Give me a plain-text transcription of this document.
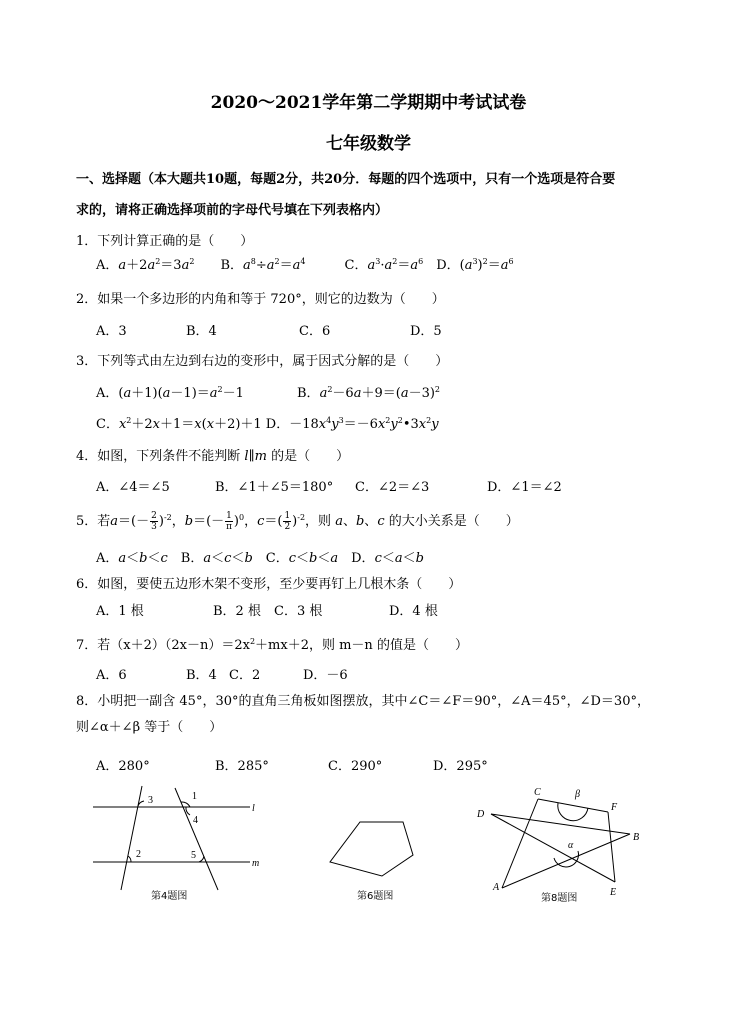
2020～2021学年第二学期期中考试试卷
七年级数学
一、选择题（本大题共10题，每题2分，共20分．每题的四个选项中，只有一个选项是符合要
求的，请将正确选择项前的字母代号填在下列表格内）
1．下列计算正确的是（　　）
A．$a+2a^2=3a^2$　　B．$a^8\div a^2=a^4$　　　C．$a^3\cdot a^2=a^6$　D．$(a^3)^2=a^6$
2．如果一个多边形的内角和等于 720°，则它的边数为（　　）
A．3	B．4	C．6	D．5
3．下列等式由左边到右边的变形中，属于因式分解的是（　　）
A．$(a+1)(a-1)=a^2-1$	B．$a^2-6a+9=(a-3)^2$
C．$x^2+2x+1=x(x+2)+1$ D．$-18x^4y^3=-6x^2y^2•3x^2y$
4．如图，下列条件不能判断 l∥m 的是（　　）
A．∠4＝∠5	B．∠1＋∠5＝180° C．∠2＝∠3	D．∠1＝∠2
5．若$a=(- \frac{2}{3} )^{-2}$，$b=(- \frac{1}{\pi} )^0$，$c=( \frac{1}{2} )^{-2}$，则 a、b、c 的大小关系是（　　）
A．a＜b＜c　B．a＜c＜b　C．c＜b＜a　D．c＜a＜b
6．如图，要使五边形木架不变形，至少要再钉上几根木条（　　）
A．1 根	B．2 根 C．3 根	D．4 根
7．若$(x+2)(2x-n)=2x^2+mx+2$，则 m－n 的值是（　　）
A．6	B．4 C．2	D．－6
8．小明把一副含 45°，30°的直角三角板如图摆放，其中∠C＝∠F＝90°，∠A＝45°，∠D＝30°，
则∠α＋∠β 等于（　　）
A．280°	B．285°	C．290°	D．295°
3	1
4
2	5
l
m
第4题图	第6题图
C	β
F
D
B
α
A	E
第8题图
